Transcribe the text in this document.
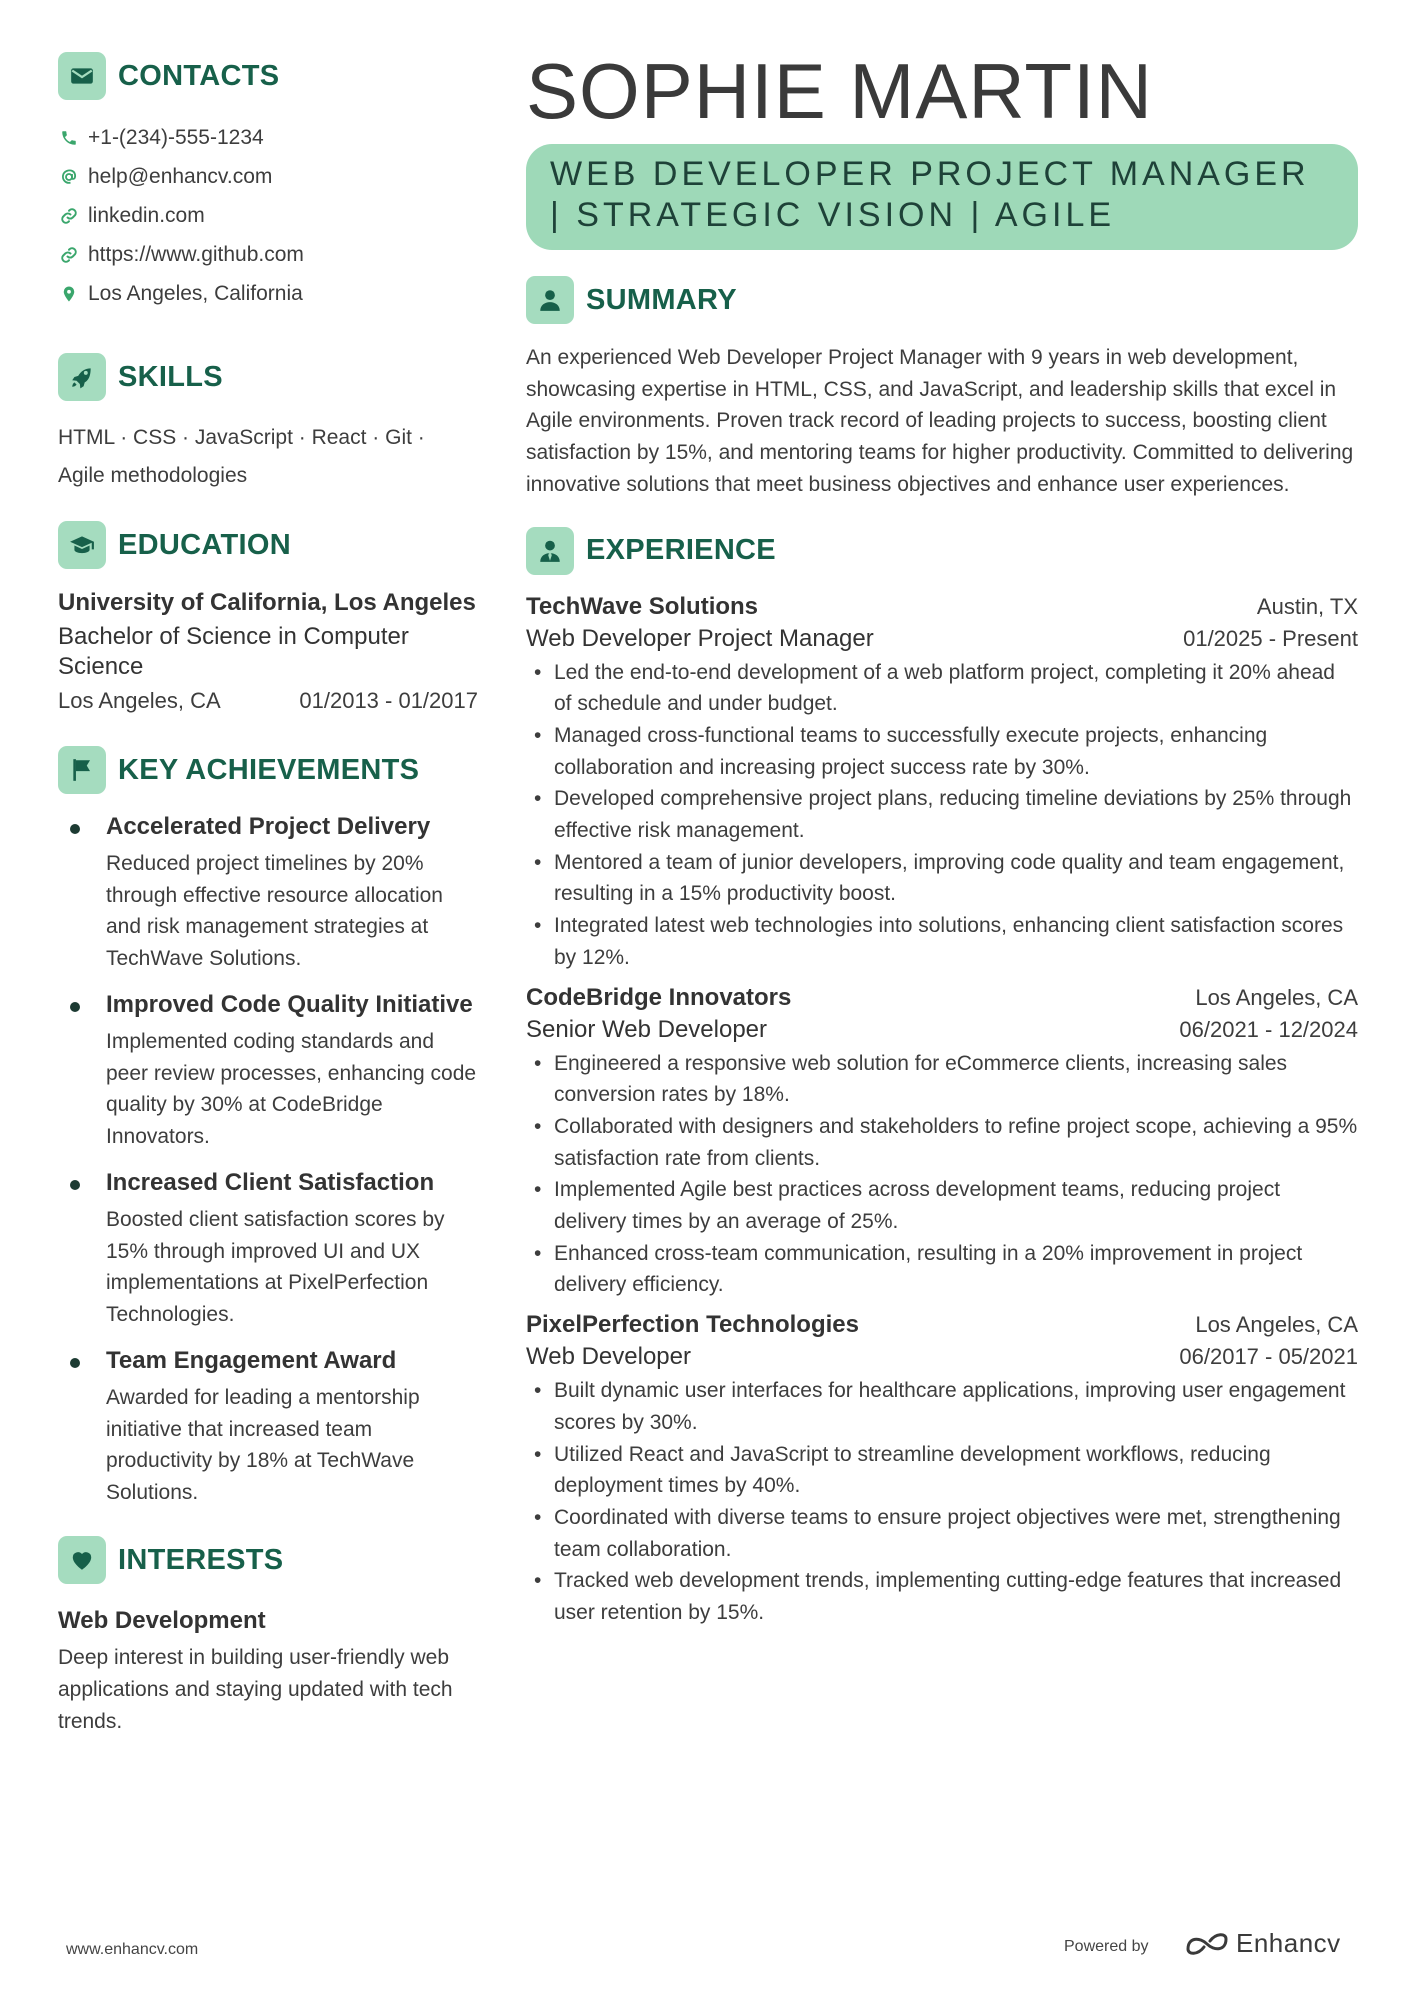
CONTACTS
+1-(234)-555-1234
help@enhancv.com
linkedin.com
https://www.github.com
Los Angeles, California
SKILLS
HTML · CSS · JavaScript · React · Git ·
Agile methodologies
EDUCATION
University of California, Los Angeles
Bachelor of Science in Computer Science
Los Angeles, CA	01/2013 - 01/2017
KEY ACHIEVEMENTS
Accelerated Project Delivery
Reduced project timelines by 20% through effective resource allocation and risk management strategies at TechWave Solutions.
Improved Code Quality Initiative
Implemented coding standards and peer review processes, enhancing code quality by 30% at CodeBridge Innovators.
Increased Client Satisfaction
Boosted client satisfaction scores by 15% through improved UI and UX implementations at PixelPerfection Technologies.
Team Engagement Award
Awarded for leading a mentorship initiative that increased team productivity by 18% at TechWave Solutions.
INTERESTS
Web Development
Deep interest in building user-friendly web applications and staying updated with tech trends.
SOPHIE MARTIN
WEB DEVELOPER PROJECT MANAGER | STRATEGIC VISION | AGILE
SUMMARY

An experienced Web Developer Project Manager with 9 years in web development, showcasing expertise in HTML, CSS, and JavaScript, and leadership skills that excel in Agile environments. Proven track record of leading projects to success, boosting client satisfaction by 15%, and mentoring teams for higher productivity. Committed to delivering innovative solutions that meet business objectives and enhance user experiences.

EXPERIENCE
TechWave Solutions	Austin, TX
Web Developer Project Manager	01/2025 - Present
• Led the end-to-end development of a web platform project, completing it 20% ahead of schedule and under budget.
• Managed cross-functional teams to successfully execute projects, enhancing collaboration and increasing project success rate by 30%.
• Developed comprehensive project plans, reducing timeline deviations by 25% through effective risk management.
• Mentored a team of junior developers, improving code quality and team engagement, resulting in a 15% productivity boost.
• Integrated latest web technologies into solutions, enhancing client satisfaction scores by 12%.
CodeBridge Innovators	Los Angeles, CA
Senior Web Developer	06/2021 - 12/2024
• Engineered a responsive web solution for eCommerce clients, increasing sales conversion rates by 18%.
• Collaborated with designers and stakeholders to refine project scope, achieving a 95% satisfaction rate from clients.
• Implemented Agile best practices across development teams, reducing project delivery times by an average of 25%.
• Enhanced cross-team communication, resulting in a 20% improvement in project delivery efficiency.
PixelPerfection Technologies	Los Angeles, CA
Web Developer	06/2017 - 05/2021
• Built dynamic user interfaces for healthcare applications, improving user engagement scores by 30%.
• Utilized React and JavaScript to streamline development workflows, reducing deployment times by 40%.
• Coordinated with diverse teams to ensure project objectives were met, strengthening team collaboration.
• Tracked web development trends, implementing cutting-edge features that increased user retention by 15%.
www.enhancv.com	Powered by	Enhancv
